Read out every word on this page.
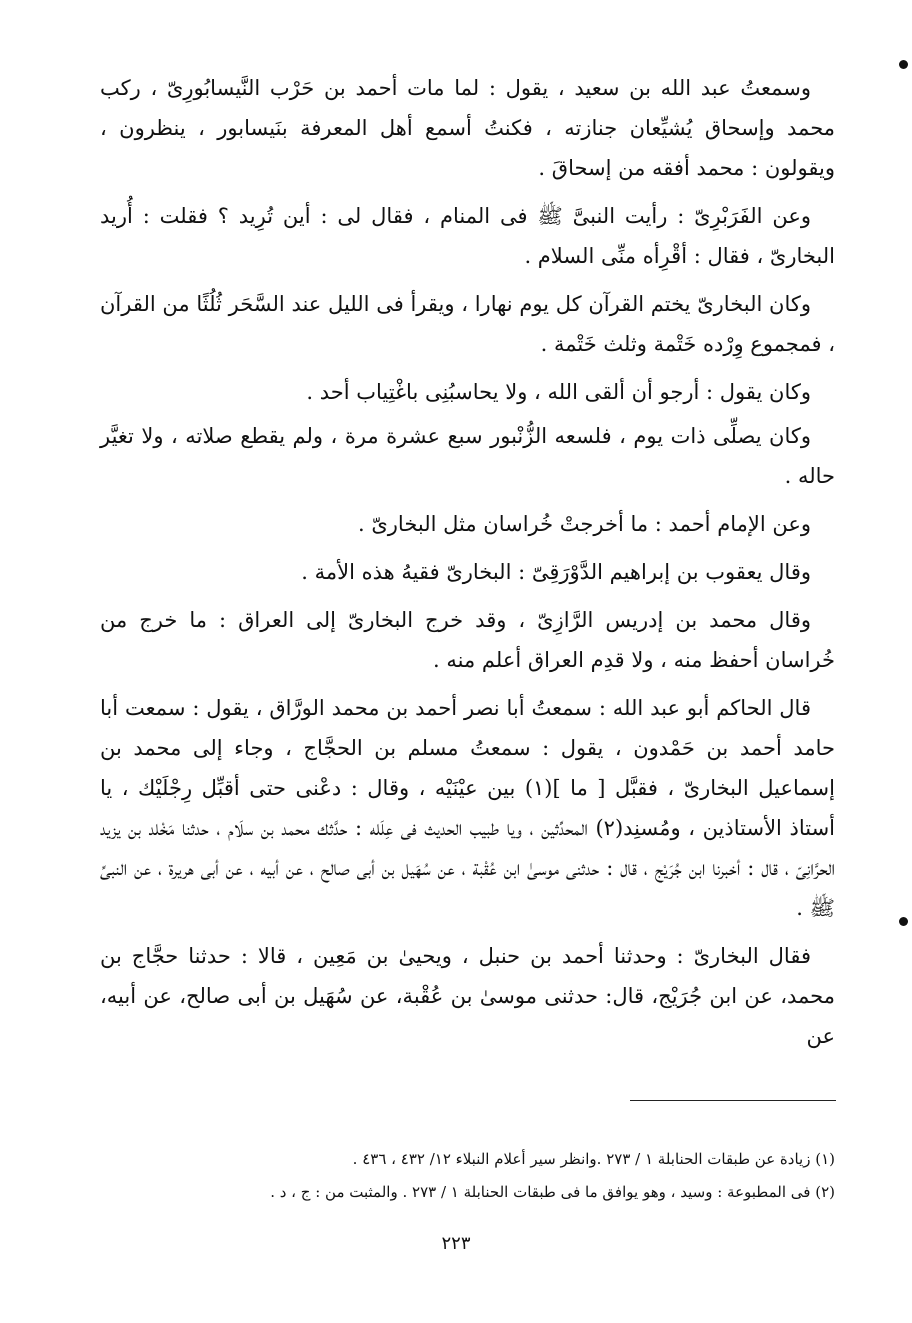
وسمعتُ عبد الله بن سعيد ، يقول : لما مات أحمد بن حَرْب النَّيسابُورِىّ ، ركب محمد وإسحاق يُشيِّعان جنازته ، فكنتُ أسمع أهل المعرفة بنَيسابور ، ينظرون ، ويقولون : محمد أفقه من إسحاقَ .

وعن الفَرَبْرِىّ : رأيت النبىَّ ﷺ فى المنام ، فقال لى : أين تُرِيد ؟ فقلت : أُريد البخارىّ ، فقال : أقْرِأه منِّى السلام .

وكان البخارىّ يختم القرآن كل يوم نهارا ، ويقرأ فى الليل عند السَّحَر ثُلُثًا من القرآن ، فمجموع وِرْده خَتْمة وثلث خَتْمة .

وكان يقول : أرجو أن ألقى الله ، ولا يحاسبُنِى باغْتِياب أحد .

وكان يصلِّى ذات يوم ، فلسعه الزُّنْبور سبع عشرة مرة ، ولم يقطع صلاته ، ولا تغيَّر حاله .

وعن الإمام أحمد : ما أخرجتْ خُراسان مثل البخارىّ .

وقال يعقوب بن إبراهيم الدَّوْرَقِىّ : البخارىّ فقيهُ هذه الأمة .

وقال محمد بن إدريس الرَّازِىّ ، وقد خرج البخارىّ إلى العراق : ما خرج من خُراسان أحفظ منه ، ولا قدِم العراق أعلم منه .

قال الحاكم أبو عبد الله : سمعتُ أبا نصر أحمد بن محمد الورَّاق ، يقول : سمعت أبا حامد أحمد بن حَمْدون ، يقول : سمعتُ مسلم بن الحجَّاج ، وجاء إلى محمد بن إسماعيل البخارىّ ، فقبَّل [ ما ](١) بين عيْنَيْه ، وقال : دعْنى حتى أقبِّل رِجْلَيْك ، يا أستاذ الأستاذين ، ومُسنِد(٢) المحدِّثين ، ويا طبيب الحديث فى عِلَله : حدَّثك محمد بن سلَام ، حدثنا مَخْلد بن يزيد الحرَّانِىّ ، قال : أخبرنا ابن جُرَيْج ، قال : حدثنى موسىٰ ابن عُقْبة ، عن سُهَيل بن أبى صالح ، عن أبيه ، عن أبى هريرة ، عن النبىِّ ﷺ .

فقال البخارىّ : وحدثنا أحمد بن حنبل ، ويحيىٰ بن مَعِين ، قالا : حدثنا حجَّاج بن محمد، عن ابن جُرَيْج، قال: حدثنى موسىٰ بن عُقْبة، عن سُهَيل بن أبى صالح، عن أبيه، عن

(١) زيادة عن طبقات الحنابلة ١ / ٢٧٣ .وانظر سير أعلام النبلاء ١٢/ ٤٣٢ ، ٤٣٦ .

(٢) فى المطبوعة : وسيد ، وهو يوافق ما فى طبقات الحنابلة ١ / ٢٧٣ . والمثبت من : ج ، د .

٢٢٣
